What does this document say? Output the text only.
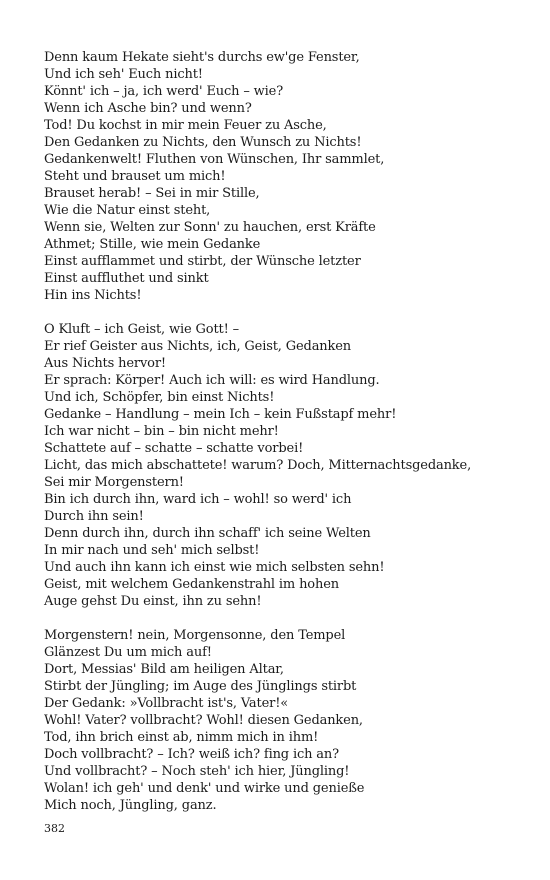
Denn kaum Hekate sieht's durchs ew'ge Fenster,
Und ich seh' Euch nicht!
Könnt' ich – ja, ich werd' Euch – wie?
Wenn ich Asche bin? und wenn?
Tod! Du kochst in mir mein Feuer zu Asche,
Den Gedanken zu Nichts, den Wunsch zu Nichts!
Gedankenwelt! Fluthen von Wünschen, Ihr sammlet,
Steht und brauset um mich!
Brauset herab! – Sei in mir Stille,
Wie die Natur einst steht,
Wenn sie, Welten zur Sonn' zu hauchen, erst Kräfte
Athmet; Stille, wie mein Gedanke
Einst aufflammet und stirbt, der Wünsche letzter
Einst auffluthet und sinkt
Hin ins Nichts!
O Kluft – ich Geist, wie Gott! –
Er rief Geister aus Nichts, ich, Geist, Gedanken
Aus Nichts hervor!
Er sprach: Körper! Auch ich will: es wird Handlung.
Und ich, Schöpfer, bin einst Nichts!
Gedanke – Handlung – mein Ich – kein Fußstapf mehr!
Ich war nicht – bin – bin nicht mehr!
Schattete auf – schatte – schatte vorbei!
Licht, das mich abschattete! warum? Doch, Mitternachtsgedanke,
Sei mir Morgenstern!
Bin ich durch ihn, ward ich – wohl! so werd' ich
Durch ihn sein!
Denn durch ihn, durch ihn schaff' ich seine Welten
In mir nach und seh' mich selbst!
Und auch ihn kann ich einst wie mich selbsten sehn!
Geist, mit welchem Gedankenstrahl im hohen
Auge gehst Du einst, ihn zu sehn!
Morgenstern! nein, Morgensonne, den Tempel
Glänzest Du um mich auf!
Dort, Messias' Bild am heiligen Altar,
Stirbt der Jüngling; im Auge des Jünglings stirbt
Der Gedank: »Vollbracht ist's, Vater!«
Wohl! Vater? vollbracht? Wohl! diesen Gedanken,
Tod, ihn brich einst ab, nimm mich in ihm!
Doch vollbracht? – Ich? weiß ich? fing ich an?
Und vollbracht? – Noch steh' ich hier, Jüngling!
Wolan! ich geh' und denk' und wirke und genieße
Mich noch, Jüngling, ganz.
382
